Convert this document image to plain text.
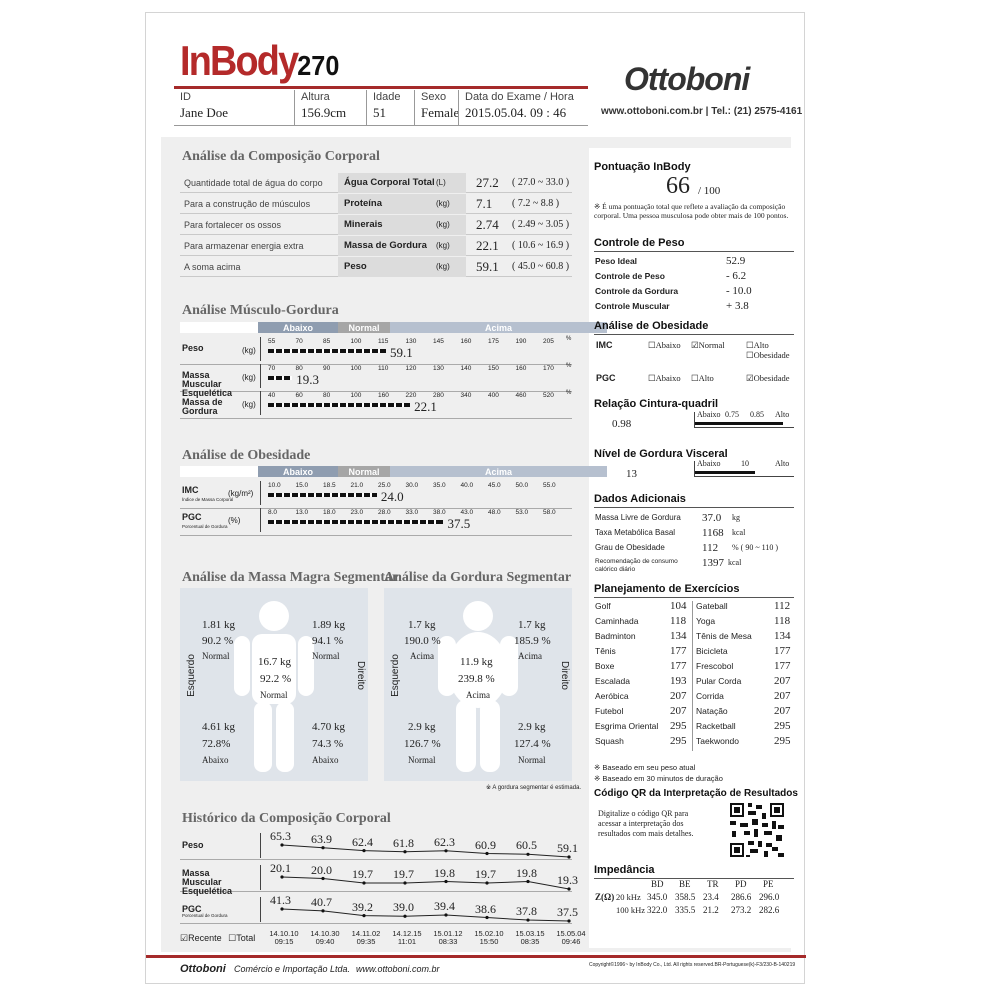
InBody270
ID
Jane Doe
Altura
156.9cm
Idade
51
Sexo
Female
Data do Exame / Hora
2015.05.04. 09 : 46
Ottoboni
www.ottoboni.com.br | Tel.: (21) 2575-4161
Análise da Composição Corporal
Análise Músculo-Gordura
Abaixo	Normal	Acima
Análise de Obesidade
Abaixo	Normal	Acima
Análise da Massa Magra Segmentar
Análise da Gordura Segmentar
1.81 kg
90.2 %
Normal
1.89 kg
94.1 %
Normal
16.7 kg
92.2 %
Normal
4.61 kg
72.8%
Abaixo
4.70 kg
74.3 %
Abaixo
Esquerdo	Direito
1.7 kg
190.0 %
Acima
1.7 kg
185.9 %
Acima
11.9 kg
239.8 %
Acima
2.9 kg
126.7 %
Normal
2.9 kg
127.4 %
Normal
Esquerdo	Direito
※ A gordura segmentar é estimada.
Histórico da Composição Corporal
☑Recente ☐Total
Pontuação InBody
66 / 100
※ É uma pontuação total que reflete a avaliação da composição corporal. Uma pessoa musculosa pode obter mais de 100 pontos.
Controle de Peso
Análise de Obesidade
IMC	☐Abaixo ☑Normal	☐Alto
☐Obesidade
PGC	☐Abaixo ☐Alto	☑Obesidade
Relação Cintura-quadril
0.98
Abaixo 0.75 0.85 Alto
Nível de Gordura Visceral
13
Abaixo	10	Alto
Dados Adicionais
Planejamento de Exercícios
※ Baseado em seu peso atual
※ Baseado em 30 minutos de duração
Código QR da Interpretação de Resultados
Digitalize o código QR para acessar a interpretação dos resultados com mais detalhes.
Impedância
Ottoboni Comércio e Importação Ltda. www.ottoboni.com.br	Copyright©1996~ by InBody Co., Ltd. All rights reserved.BR-Portuguese(k)-F3/230-B-140219
Quantidade total de água do corpo	Água Corporal Total (L) 27.2 ( 27.0 ~ 33.0 )
Para a construção de músculos	Proteína	(kg) 7.1 ( 7.2 ~ 8.8 )
Para fortalecer os ossos	Minerais	(kg) 2.74 ( 2.49 ~ 3.05 )
Para armazenar energia extra	Massa de Gordura (kg) 22.1 ( 10.6 ~ 16.9 )
A soma acima	Peso	(kg) 59.1 ( 45.0 ~ 60.8 )
Peso	(kg)
55	70	85	100	115	130	145	160	175	190	205 %
59.1
Massa Muscular Esquelética
(kg)
70	80	90	100	110	120	130	140	150	160	170 %
19.3
Massa de Gordura
(kg)
40	60	80	100	160	220	280	340	400	460	520 %
22.1
IMC
Índice de Massa Corporal
(kg/m²)
10.0 15.0 18.5 21.0 25.0 30.0 35.0 40.0 45.0 50.0 55.0
24.0
PGC
Porcentual de Gordura
(%)
8.0	13.0 18.0 23.0 28.0 33.0 38.0 43.0 48.0 53.0 58.0
37.5
Peso
65.3 63.9 62.4 61.8 62.3 60.9 60.5 59.1
Massa Muscular Esquelética
20.1 20.0 19.7 19.7 19.8 19.7 19.8
19.3
PGC
Porcentual de Gordura
41.3 40.7 39.2 39.0 39.4 38.6 37.8 37.5
14.10.10 09:15
14.10.30 09:40
14.11.02 09:35
14.12.15 11:01
15.01.12 08:33
15.02.10 15:50
15.03.15 08:35
15.05.04 09:46
Peso Ideal	52.9
Controle de Peso	- 6.2
Controle da Gordura	- 10.0
Controle Muscular	+ 3.8
Massa Livre de Gordura	37.0 kg
Taxa Metabólica Basal	1168 kcal
Grau de Obesidade	112 % ( 90 ~ 110 )
Recomendação de consumo calórico diário
1397 kcal
Golf	104
Caminhada	118
Badminton	134
Tênis	177
Boxe	177
Escalada	193
Aeróbica	207
Futebol	207
Esgrima Oriental 295
Squash	295
Gateball	112
Yoga	118
Tênis de Mesa 134
Bicicleta	177
Frescobol	177
Pular Corda	207
Corrida	207
Natação	207
Racketball	295
Taekwondo	295
BD BE TR PD PE
Z(Ω) 20 kHz 345.0 358.5 23.4 286.6 296.0
100 kHz 322.0 335.5 21.2 273.2 282.6
